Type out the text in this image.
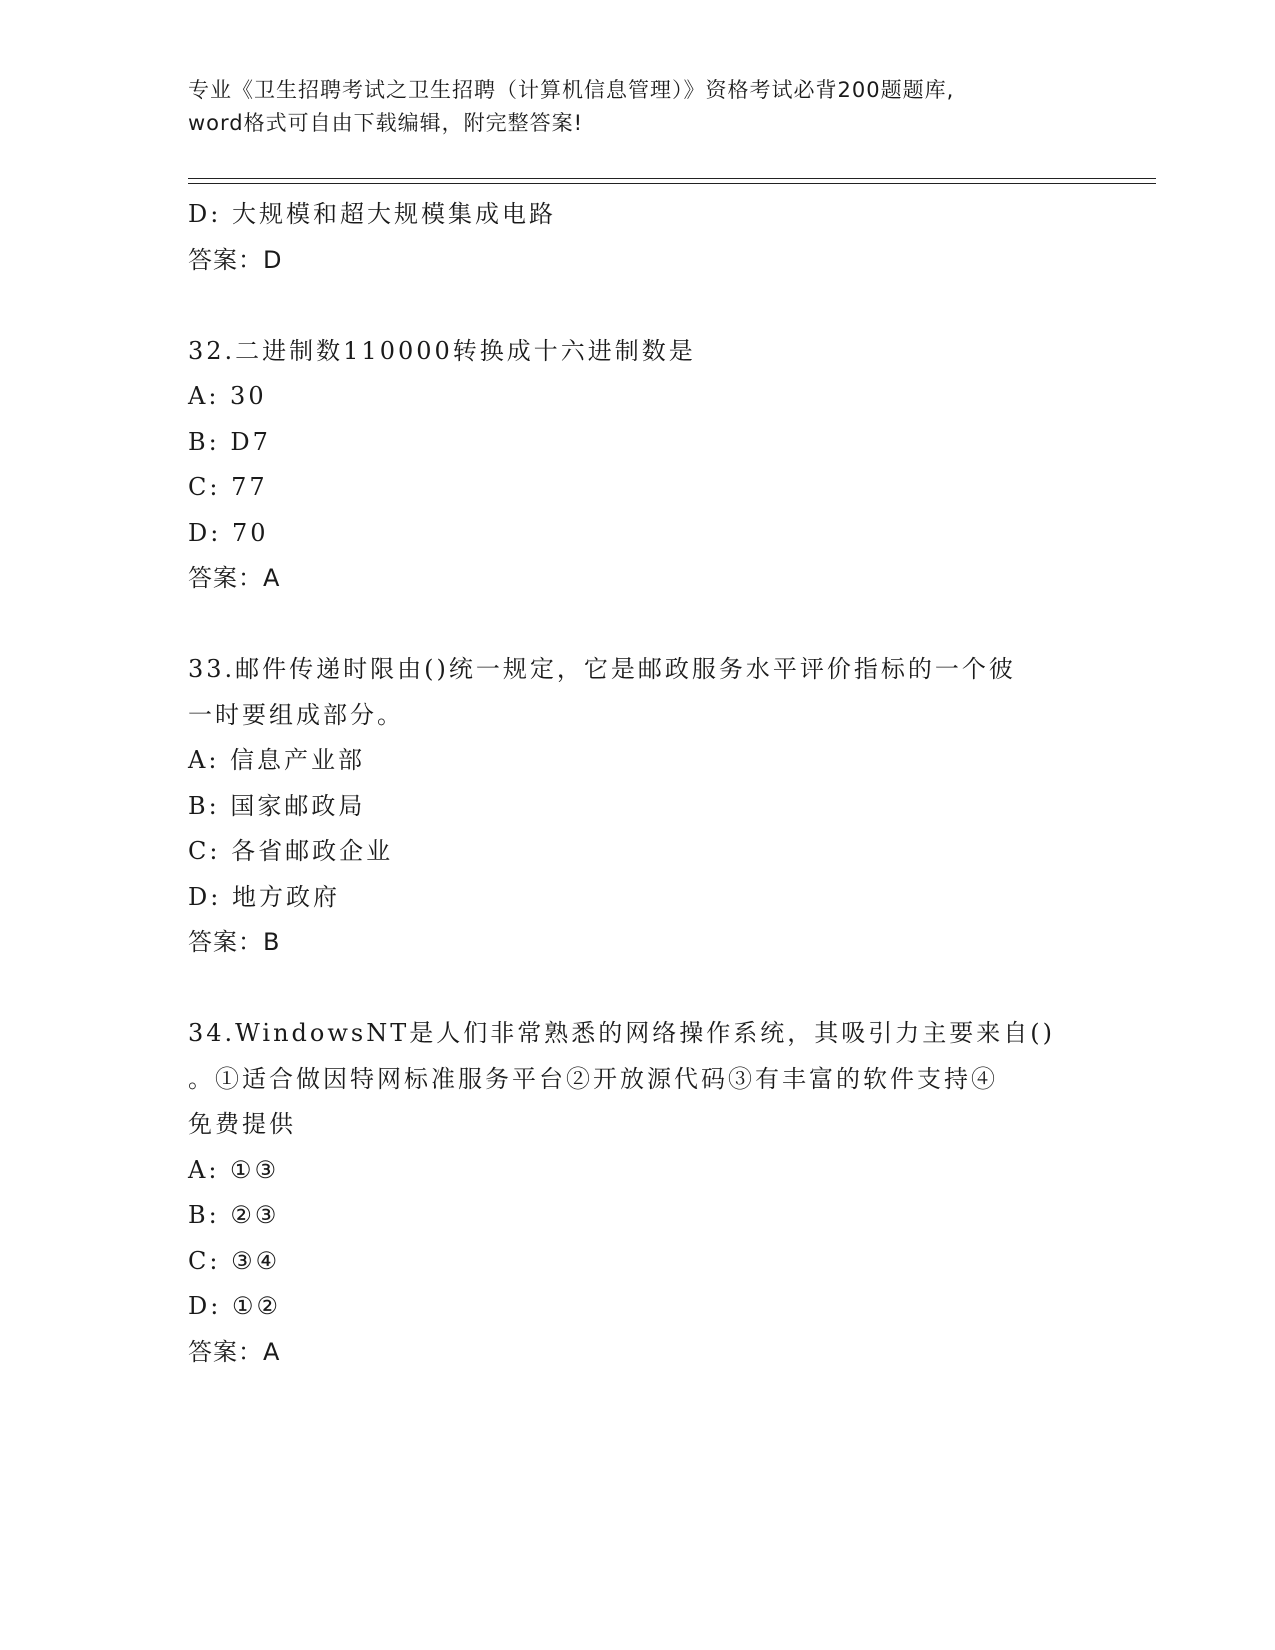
专业《卫生招聘考试之卫生招聘（计算机信息管理）》资格考试必背200题题库,
word格式可自由下载编辑，附完整答案!
D: 大规模和超大规模集成电路
答案：D
32.二进制数110000转换成十六进制数是
A: 30
B: D7
C: 77
D: 70
答案：A
33.邮件传递时限由()统一规定，它是邮政服务水平评价指标的一个彼
一时要组成部分。
A: 信息产业部
B: 国家邮政局
C: 各省邮政企业
D: 地方政府
答案：B
34.WindowsNT是人们非常熟悉的网络操作系统，其吸引力主要来自()
。①适合做因特网标准服务平台②开放源代码③有丰富的软件支持④
免费提供
A: ①③
B: ②③
C: ③④
D: ①②
答案：A
